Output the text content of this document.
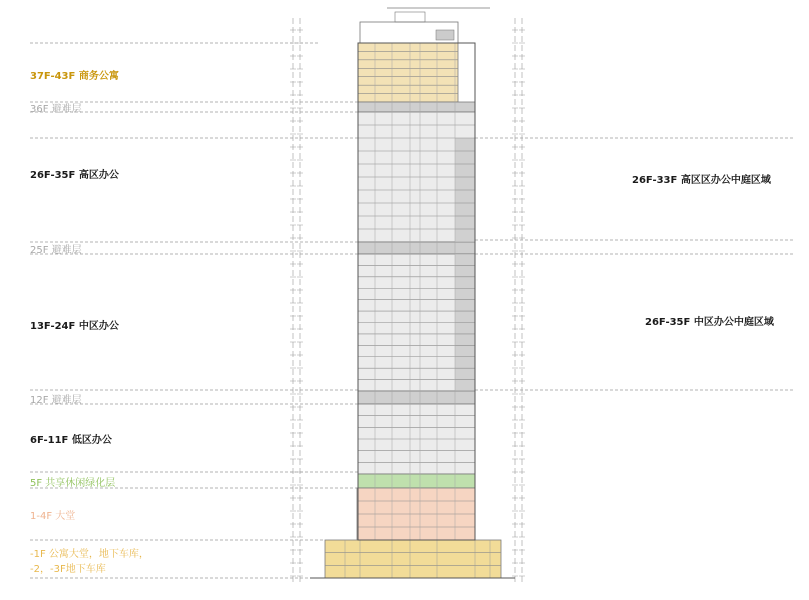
37F-43F 商务公寓
36F 避难层
26F-35F 高区办公
25F 避难层
13F-24F 中区办公
12F 避难层
6F-11F 低区办公
5F 共享休闲绿化层
1-4F 大堂
-1F 公寓大堂，地下车库，
-2，-3F地下车库
26F-33F 高区区办公中庭区域
26F-35F 中区办公中庭区域
